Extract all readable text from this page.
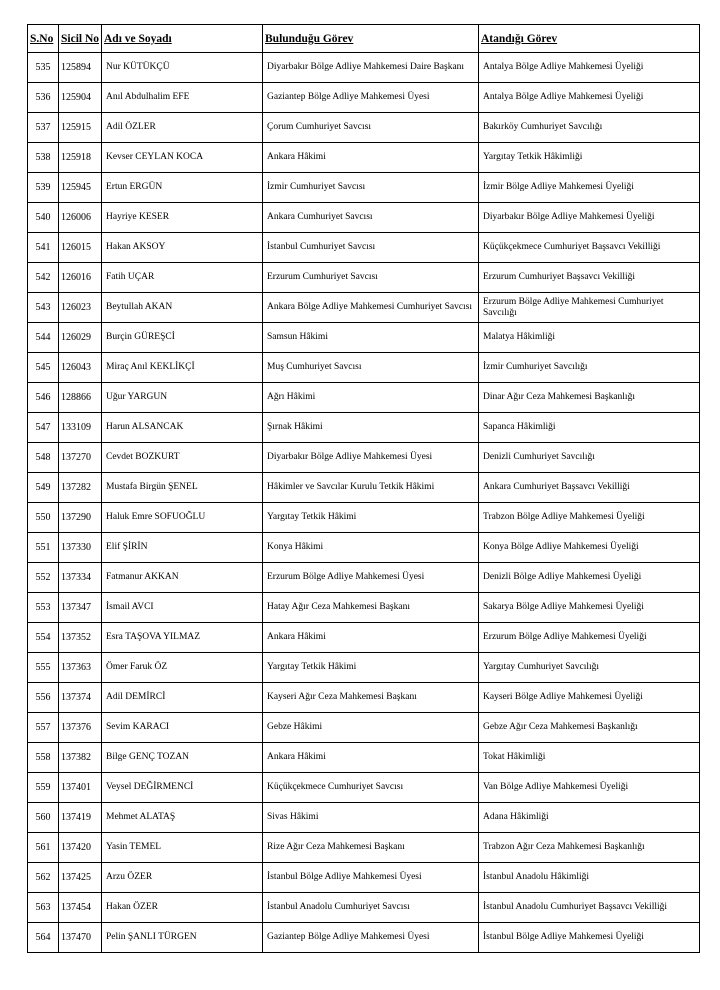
S.No	Sicil No	Adı ve Soyadı	Bulunduğu Görev	Atandığı Görev
535	125894	Nur KÜTÜKÇÜ	Diyarbakır Bölge Adliye Mahkemesi Daire Başkanı	Antalya Bölge Adliye Mahkemesi Üyeliği
536	125904	Anıl Abdulhalim EFE	Gaziantep Bölge Adliye Mahkemesi Üyesi	Antalya Bölge Adliye Mahkemesi Üyeliği
537	125915	Adil ÖZLER	Çorum Cumhuriyet Savcısı	Bakırköy Cumhuriyet Savcılığı
538	125918	Kevser CEYLAN KOCA	Ankara Hâkimi	Yargıtay Tetkik Hâkimliği
539	125945	Ertun ERGÜN	İzmir Cumhuriyet Savcısı	İzmir Bölge Adliye Mahkemesi Üyeliği
540	126006	Hayriye KESER	Ankara Cumhuriyet Savcısı	Diyarbakır Bölge Adliye Mahkemesi Üyeliği
541	126015	Hakan AKSOY	İstanbul Cumhuriyet Savcısı	Küçükçekmece Cumhuriyet Başsavcı Vekilliği
542	126016	Fatih UÇAR	Erzurum Cumhuriyet Savcısı	Erzurum Cumhuriyet Başsavcı Vekilliği
543	126023	Beytullah AKAN	Ankara Bölge Adliye Mahkemesi Cumhuriyet Savcısı	Erzurum Bölge Adliye Mahkemesi Cumhuriyet Savcılığı
544	126029	Burçin GÜREŞCİ	Samsun Hâkimi	Malatya Hâkimliği
545	126043	Miraç Anıl KEKLİKÇİ	Muş Cumhuriyet Savcısı	İzmir Cumhuriyet Savcılığı
546	128866	Uğur YARGUN	Ağrı Hâkimi	Dinar Ağır Ceza Mahkemesi Başkanlığı
547	133109	Harun ALSANCAK	Şırnak Hâkimi	Sapanca Hâkimliği
548	137270	Cevdet BOZKURT	Diyarbakır Bölge Adliye Mahkemesi Üyesi	Denizli Cumhuriyet Savcılığı
549	137282	Mustafa Birgün ŞENEL	Hâkimler ve Savcılar Kurulu Tetkik Hâkimi	Ankara Cumhuriyet Başsavcı Vekilliği
550	137290	Haluk Emre SOFUOĞLU	Yargıtay Tetkik Hâkimi	Trabzon Bölge Adliye Mahkemesi Üyeliği
551	137330	Elif ŞİRİN	Konya Hâkimi	Konya Bölge Adliye Mahkemesi Üyeliği
552	137334	Fatmanur AKKAN	Erzurum Bölge Adliye Mahkemesi Üyesi	Denizli Bölge Adliye Mahkemesi Üyeliği
553	137347	İsmail AVCI	Hatay Ağır Ceza Mahkemesi Başkanı	Sakarya Bölge Adliye Mahkemesi Üyeliği
554	137352	Esra TAŞOVA YILMAZ	Ankara Hâkimi	Erzurum Bölge Adliye Mahkemesi Üyeliği
555	137363	Ömer Faruk ÖZ	Yargıtay Tetkik Hâkimi	Yargıtay Cumhuriyet Savcılığı
556	137374	Adil DEMİRCİ	Kayseri Ağır Ceza Mahkemesi Başkanı	Kayseri Bölge Adliye Mahkemesi Üyeliği
557	137376	Sevim KARACI	Gebze Hâkimi	Gebze Ağır Ceza Mahkemesi Başkanlığı
558	137382	Bilge GENÇ TOZAN	Ankara Hâkimi	Tokat Hâkimliği
559	137401	Veysel DEĞİRMENCİ	Küçükçekmece Cumhuriyet Savcısı	Van Bölge Adliye Mahkemesi Üyeliği
560	137419	Mehmet ALATAŞ	Sivas Hâkimi	Adana Hâkimliği
561	137420	Yasin TEMEL	Rize Ağır Ceza Mahkemesi Başkanı	Trabzon Ağır Ceza Mahkemesi Başkanlığı
562	137425	Arzu ÖZER	İstanbul Bölge Adliye Mahkemesi Üyesi	İstanbul Anadolu Hâkimliği
563	137454	Hakan ÖZER	İstanbul Anadolu Cumhuriyet Savcısı	İstanbul Anadolu Cumhuriyet Başsavcı Vekilliği
564	137470	Pelin ŞANLI TÜRGEN	Gaziantep Bölge Adliye Mahkemesi Üyesi	İstanbul Bölge Adliye Mahkemesi Üyeliği
